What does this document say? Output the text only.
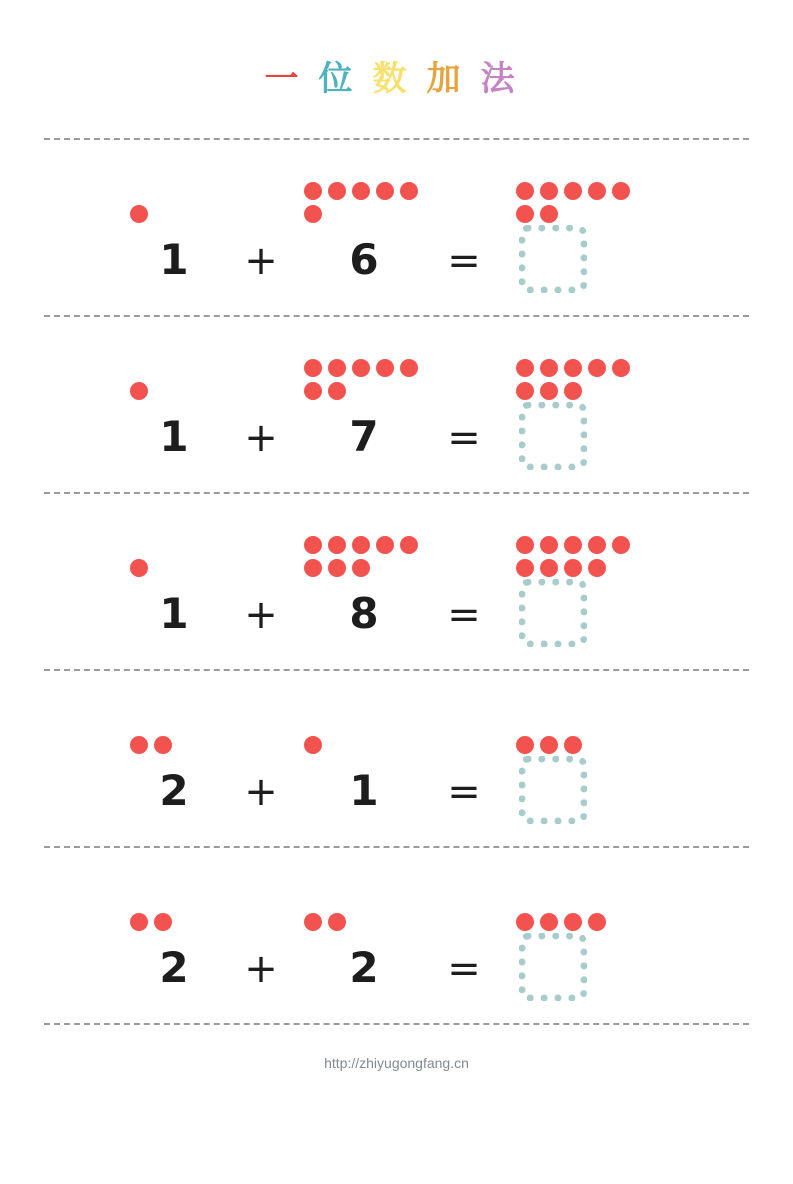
一 位 数 加 法
1	+	6	=
1	+	7	=
1	+	8	=
2	+	1	=
2	+	2	=
http://zhiyugongfang.cn
